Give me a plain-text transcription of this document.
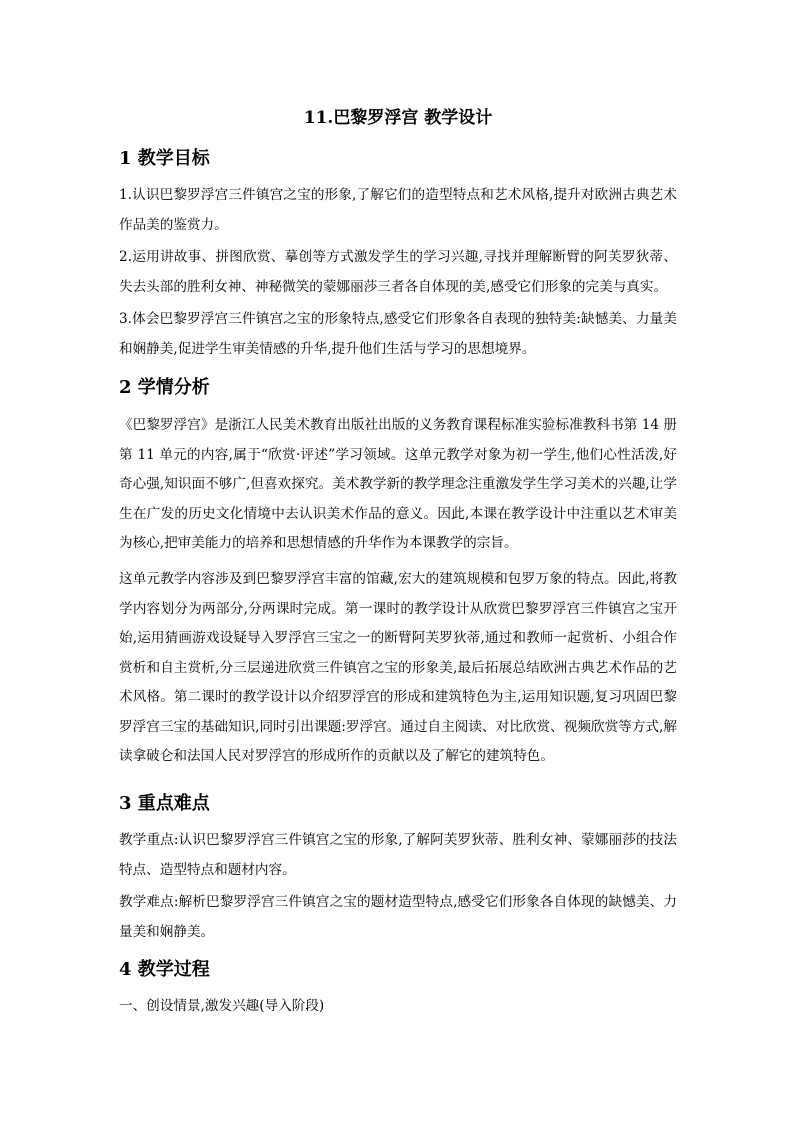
11.巴黎罗浮宫 教学设计
1 教学目标
1.认识巴黎罗浮宫三件镇宫之宝的形象,了解它们的造型特点和艺术风格,提升对欧洲古典艺术作品美的鉴赏力。
2.运用讲故事、拼图欣赏、摹创等方式激发学生的学习兴趣,寻找并理解断臂的阿芙罗狄蒂、失去头部的胜利女神、神秘微笑的蒙娜丽莎三者各自体现的美,感受它们形象的完美与真实。
3.体会巴黎罗浮宫三件镇宫之宝的形象特点,感受它们形象各自表现的独特美:缺憾美、力量美和娴静美,促进学生审美情感的升华,提升他们生活与学习的思想境界。
2 学情分析
《巴黎罗浮宫》是浙江人民美术教育出版社出版的义务教育课程标准实验标准教科书第 14 册第 11 单元的内容,属于“欣赏·评述”学习领域。这单元教学对象为初一学生,他们心性活泼,好奇心强,知识面不够广,但喜欢探究。美术教学新的教学理念注重激发学生学习美术的兴趣,让学生在广发的历史文化情境中去认识美术作品的意义。因此,本课在教学设计中注重以艺术审美为核心,把审美能力的培养和思想情感的升华作为本课教学的宗旨。
这单元教学内容涉及到巴黎罗浮宫丰富的馆藏,宏大的建筑规模和包罗万象的特点。因此,将教学内容划分为两部分,分两课时完成。第一课时的教学设计从欣赏巴黎罗浮宫三件镇宫之宝开始,运用猜画游戏设疑导入罗浮宫三宝之一的断臂阿芙罗狄蒂,通过和教师一起赏析、小组合作赏析和自主赏析,分三层递进欣赏三件镇宫之宝的形象美,最后拓展总结欧洲古典艺术作品的艺术风格。第二课时的教学设计以介绍罗浮宫的形成和建筑特色为主,运用知识题,复习巩固巴黎罗浮宫三宝的基础知识,同时引出课题:罗浮宫。通过自主阅读、对比欣赏、视频欣赏等方式,解读拿破仑和法国人民对罗浮宫的形成所作的贡献以及了解它的建筑特色。
3 重点难点
教学重点:认识巴黎罗浮宫三件镇宫之宝的形象,了解阿芙罗狄蒂、胜利女神、蒙娜丽莎的技法特点、造型特点和题材内容。
教学难点:解析巴黎罗浮宫三件镇宫之宝的题材造型特点,感受它们形象各自体现的缺憾美、力量美和娴静美。
4 教学过程
一、创设情景,激发兴趣(导入阶段)
